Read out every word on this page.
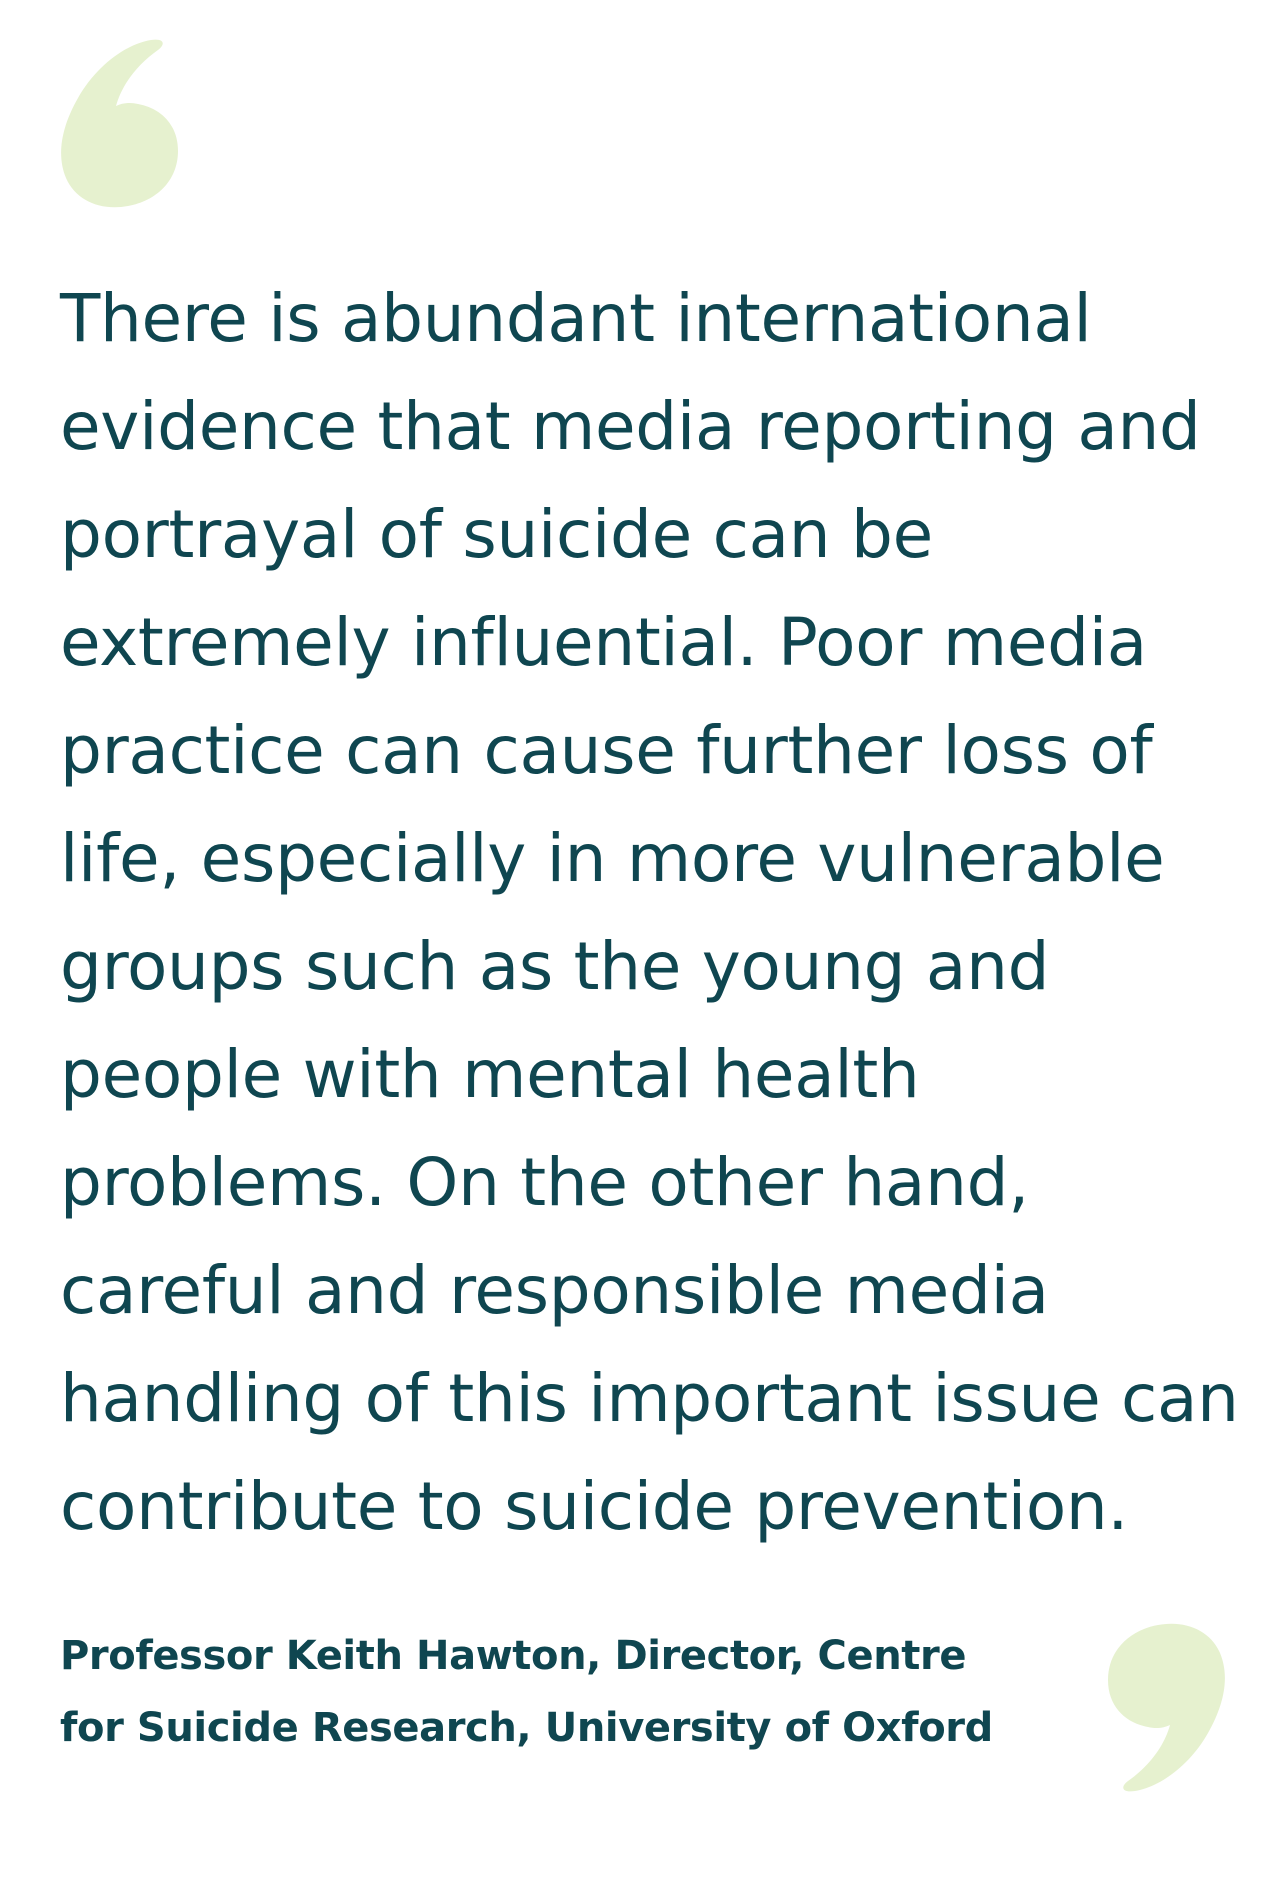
There is abundant international
evidence that media reporting and
portrayal of suicide can be
extremely influential. Poor media
practice can cause further loss of
life, especially in more vulnerable
groups such as the young and
people with mental health
problems. On the other hand,
careful and responsible media
handling of this important issue can
contribute to suicide prevention.

Professor Keith Hawton, Director, Centre
for Suicide Research, University of Oxford
